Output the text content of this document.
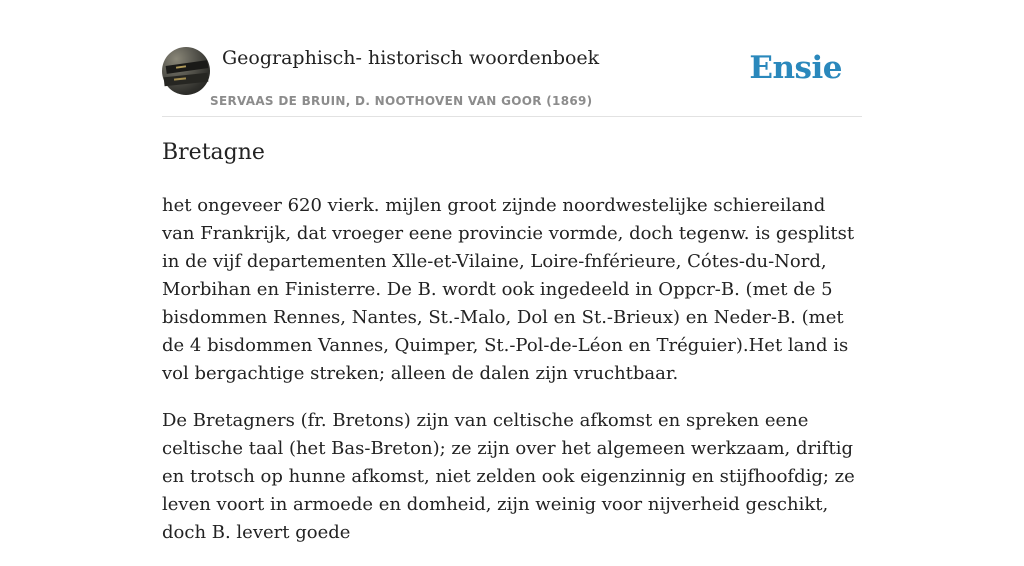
Geographisch- historisch woordenboek
SERVAAS DE BRUIN, D. NOOTHOVEN VAN GOOR (1869)
Ensie
Bretagne

het ongeveer 620 vierk. mijlen groot zijnde noordwestelijke schiereiland van Frankrijk, dat vroeger eene provincie vormde, doch tegenw. is gesplitst in de vijf departementen Xlle-et-Vilaine, Loire-fnférieure, Cótes-du-Nord, Morbihan en Finisterre. De B. wordt ook ingedeeld in Oppcr-B. (met de 5 bisdommen Rennes, Nantes, St.-Malo, Dol en St.-Brieux) en Neder-B. (met de 4 bisdommen Vannes, Quimper, St.-Pol-de-Léon en Tréguier).Het land is vol bergachtige streken; alleen de dalen zijn vruchtbaar.

De Bretagners (fr. Bretons) zijn van celtische afkomst en spreken eene celtische taal (het Bas-Breton); ze zijn over het algemeen werkzaam, driftig en trotsch op hunne afkomst, niet zelden ook eigenzinnig en stijfhoofdig; ze leven voort in armoede en domheid, zijn weinig voor nijverheid geschikt, doch B. levert goede
